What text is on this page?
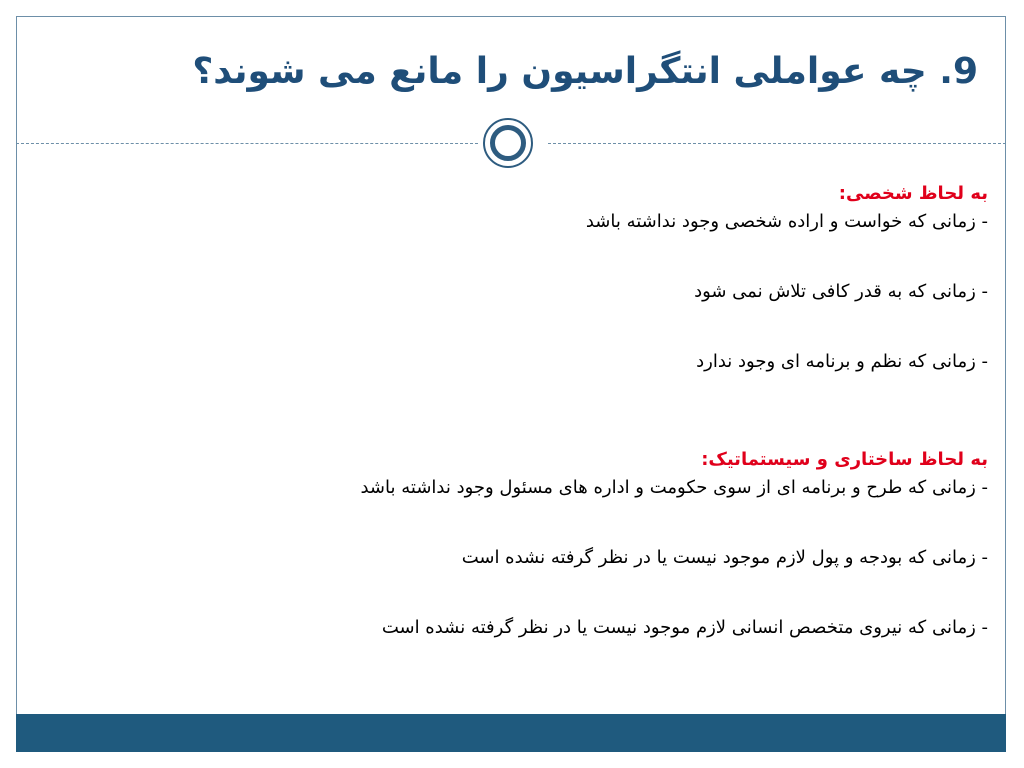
9. چه عواملی انتگراسیون را مانع می شوند؟
به لحاظ شخصی:
- زمانی که خواست و اراده شخصی وجود نداشته باشد
- زمانی که به قدر کافی تلاش نمی شود
- زمانی که نظم و برنامه ای وجود ندارد
به لحاظ ساختاری و سیستماتیک:
- زمانی که طرح و برنامه ای از سوی حکومت و اداره های مسئول وجود نداشته باشد
- زمانی که بودجه و پول لازم موجود نیست یا در نظر گرفته نشده است
- زمانی که نیروی متخصص انسانی لازم موجود نیست یا در نظر گرفته نشده است
